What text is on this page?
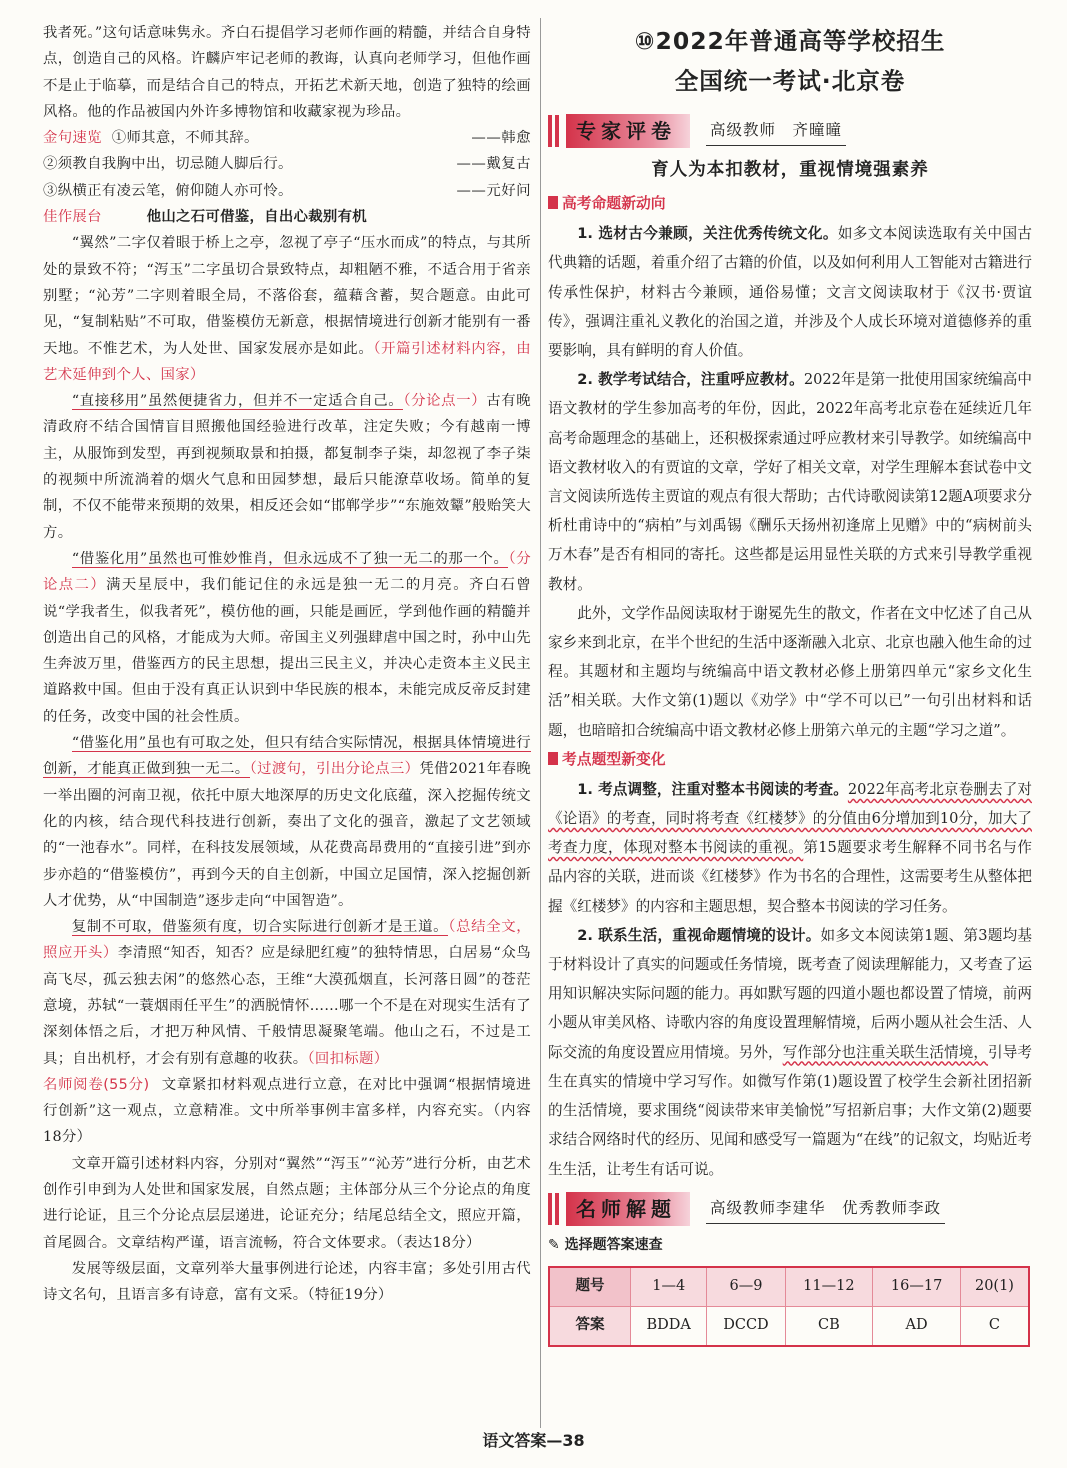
我者死。”这句话意味隽永。齐白石提倡学习老师作画的精髓，并结合自身特点，创造自己的风格。许麟庐牢记老师的教诲，认真向老师学习，但他作画不是止于临摹，而是结合自己的特点，开拓艺术新天地，创造了独特的绘画风格。他的作品被国内外许多博物馆和收藏家视为珍品。

金句速览 ①师其意，不师其辞。	——韩愈
②须教自我胸中出，切忌随人脚后行。	——戴复古
③纵横正有凌云笔，俯仰随人亦可怜。	——元好问
佳作展台	他山之石可借鉴，自出心裁别有机

“翼然”二字仅着眼于桥上之亭，忽视了亭子“压水而成”的特点，与其所处的景致不符；“泻玉”二字虽切合景致特点，却粗陋不雅，不适合用于省亲别墅；“沁芳”二字则着眼全局，不落俗套，蕴藉含蓄，契合题意。由此可见，“复制粘贴”不可取，借鉴模仿无新意，根据情境进行创新才能别有一番天地。不惟艺术，为人处世、国家发展亦是如此。（开篇引述材料内容，由艺术延伸到个人、国家）

“直接移用”虽然便捷省力，但并不一定适合自己。（分论点一）古有晚清政府不结合国情盲目照搬他国经验进行改革，注定失败；今有越南一博主，从服饰到发型，再到视频取景和拍摄，都复制李子柒，却忽视了李子柒的视频中所流淌着的烟火气息和田园梦想，最后只能潦草收场。简单的复制，不仅不能带来预期的效果，相反还会如“邯郸学步”“东施效颦”般贻笑大方。

“借鉴化用”虽然也可惟妙惟肖，但永远成不了独一无二的那一个。（分论点二）满天星辰中，我们能记住的永远是独一无二的月亮。齐白石曾说“学我者生，似我者死”，模仿他的画，只能是画匠，学到他作画的精髓并创造出自己的风格，才能成为大师。帝国主义列强肆虐中国之时，孙中山先生奔波万里，借鉴西方的民主思想，提出三民主义，并决心走资本主义民主道路救中国。但由于没有真正认识到中华民族的根本，未能完成反帝反封建的任务，改变中国的社会性质。

“借鉴化用”虽也有可取之处，但只有结合实际情况，根据具体情境进行创新，才能真正做到独一无二。（过渡句，引出分论点三）凭借2021年春晚一举出圈的河南卫视，依托中原大地深厚的历史文化底蕴，深入挖掘传统文化的内核，结合现代科技进行创新，奏出了文化的强音，激起了文艺领域的“一池春水”。同样，在科技发展领域，从花费高昂费用的“直接引进”到亦步亦趋的“借鉴模仿”，再到今天的自主创新，中国立足国情，深入挖掘创新人才优势，从“中国制造”逐步走向“中国智造”。

复制不可取，借鉴须有度，切合实际进行创新才是王道。（总结全文，照应开头）李清照“知否，知否？应是绿肥红瘦”的独特情思，白居易“众鸟高飞尽，孤云独去闲”的悠然心态，王维“大漠孤烟直，长河落日圆”的苍茫意境，苏轼“一蓑烟雨任平生”的洒脱情怀……哪一个不是在对现实生活有了深刻体悟之后，才把万种风情、千般情思凝聚笔端。他山之石，不过是工具；自出机杼，才会有别有意趣的收获。（回扣标题）

名师阅卷(55分) 文章紧扣材料观点进行立意，在对比中强调“根据情境进行创新”这一观点，立意精准。文中所举事例丰富多样，内容充实。（内容18分）

文章开篇引述材料内容，分别对“翼然”“泻玉”“沁芳”进行分析，由艺术创作引申到为人处世和国家发展，自然点题；主体部分从三个分论点的角度进行论证，且三个分论点层层递进，论证充分；结尾总结全文，照应开篇，首尾圆合。文章结构严谨，语言流畅，符合文体要求。（表达18分）

发展等级层面，文章列举大量事例进行论述，内容丰富；多处引用古代诗文名句，且语言多有诗意，富有文采。（特征19分）

⑩2022年普通高等学校招生
全国统一考试·北京卷
专家评卷	高级教师　齐曈曈
育人为本扣教材，重视情境强素养
高考命题新动向

1. 选材古今兼顾，关注优秀传统文化。如多文本阅读选取有关中国古代典籍的话题，着重介绍了古籍的价值，以及如何利用人工智能对古籍进行传承性保护，材料古今兼顾，通俗易懂；文言文阅读取材于《汉书·贾谊传》，强调注重礼义教化的治国之道，并涉及个人成长环境对道德修养的重要影响，具有鲜明的育人价值。

2. 教学考试结合，注重呼应教材。2022年是第一批使用国家统编高中语文教材的学生参加高考的年份，因此，2022年高考北京卷在延续近几年高考命题理念的基础上，还积极探索通过呼应教材来引导教学。如统编高中语文教材收入的有贾谊的文章，学好了相关文章，对学生理解本套试卷中文言文阅读所选传主贾谊的观点有很大帮助；古代诗歌阅读第12题A项要求分析杜甫诗中的“病柏”与刘禹锡《酬乐天扬州初逢席上见赠》中的“病树前头万木春”是否有相同的寄托。这些都是运用显性关联的方式来引导教学重视教材。

此外，文学作品阅读取材于谢冕先生的散文，作者在文中忆述了自己从家乡来到北京，在半个世纪的生活中逐渐融入北京、北京也融入他生命的过程。其题材和主题均与统编高中语文教材必修上册第四单元“家乡文化生活”相关联。大作文第(1)题以《劝学》中“学不可以已”一句引出材料和话题，也暗暗扣合统编高中语文教材必修上册第六单元的主题“学习之道”。

考点题型新变化

1. 考点调整，注重对整本书阅读的考查。2022年高考北京卷删去了对《论语》的考查，同时将考查《红楼梦》的分值由6分增加到10分，加大了考查力度，体现对整本书阅读的重视。第15题要求考生解释不同书名与作品内容的关联，进而谈《红楼梦》作为书名的合理性，这需要考生从整体把握《红楼梦》的内容和主题思想，契合整本书阅读的学习任务。

2. 联系生活，重视命题情境的设计。如多文本阅读第1题、第3题均基于材料设计了真实的问题或任务情境，既考查了阅读理解能力，又考查了运用知识解决实际问题的能力。再如默写题的四道小题也都设置了情境，前两小题从审美风格、诗歌内容的角度设置理解情境，后两小题从社会生活、人际交流的角度设置应用情境。另外，写作部分也注重关联生活情境，引导考生在真实的情境中学习写作。如微写作第(1)题设置了校学生会新社团招新的生活情境，要求围绕“阅读带来审美愉悦”写招新启事；大作文第(2)题要求结合网络时代的经历、见闻和感受写一篇题为“在线”的记叙文，均贴近考生生活，让考生有话可说。

名师解题	高级教师李建华　优秀教师李政
✎ 选择题答案速查
题号	1—4	6—9	11—12	16—17	20(1)
答案	BDDA	DCCD	CB	AD	C
语文答案—38
